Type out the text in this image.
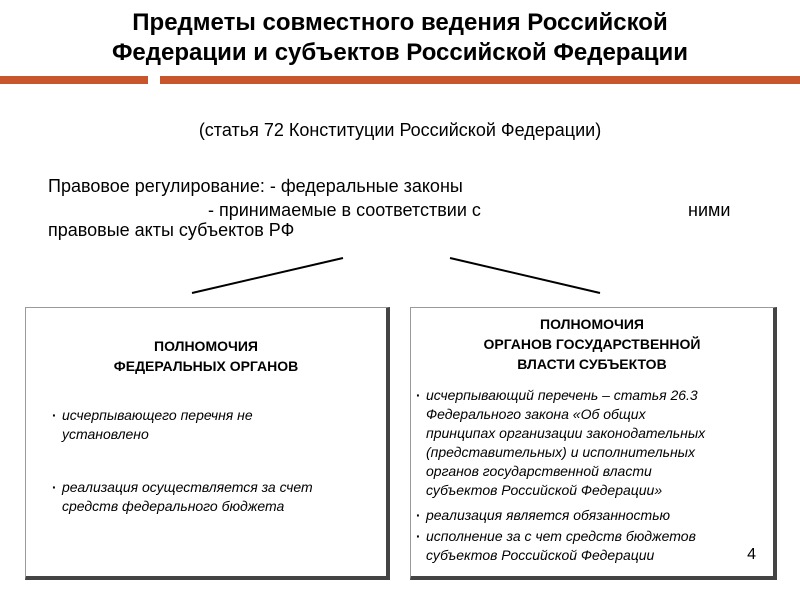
Предметы совместного ведения Российской
Федерации и субъектов Российской Федерации
(статья 72 Конституции Российской Федерации)
Правовое регулирование: - федеральные законы
- принимаемые в соответствии с	ними
правовые акты субъектов РФ
ПОЛНОМОЧИЯ
ФЕДЕРАЛЬНЫХ ОРГАНОВ
· исчерпывающего перечня не
установлено
· реализация осуществляется за счет
средств федерального бюджета
ПОЛНОМОЧИЯ
ОРГАНОВ ГОСУДАРСТВЕННОЙ
ВЛАСТИ СУБЪЕКТОВ
· исчерпывающий перечень – статья 26.3
Федерального закона «Об общих
принципах организации законодательных
(представительных) и исполнительных
органов государственной власти
субъектов Российской Федерации»
· реализация является обязанностью
· исполнение за с чет средств бюджетов
субъектов Российской Федерации	4
